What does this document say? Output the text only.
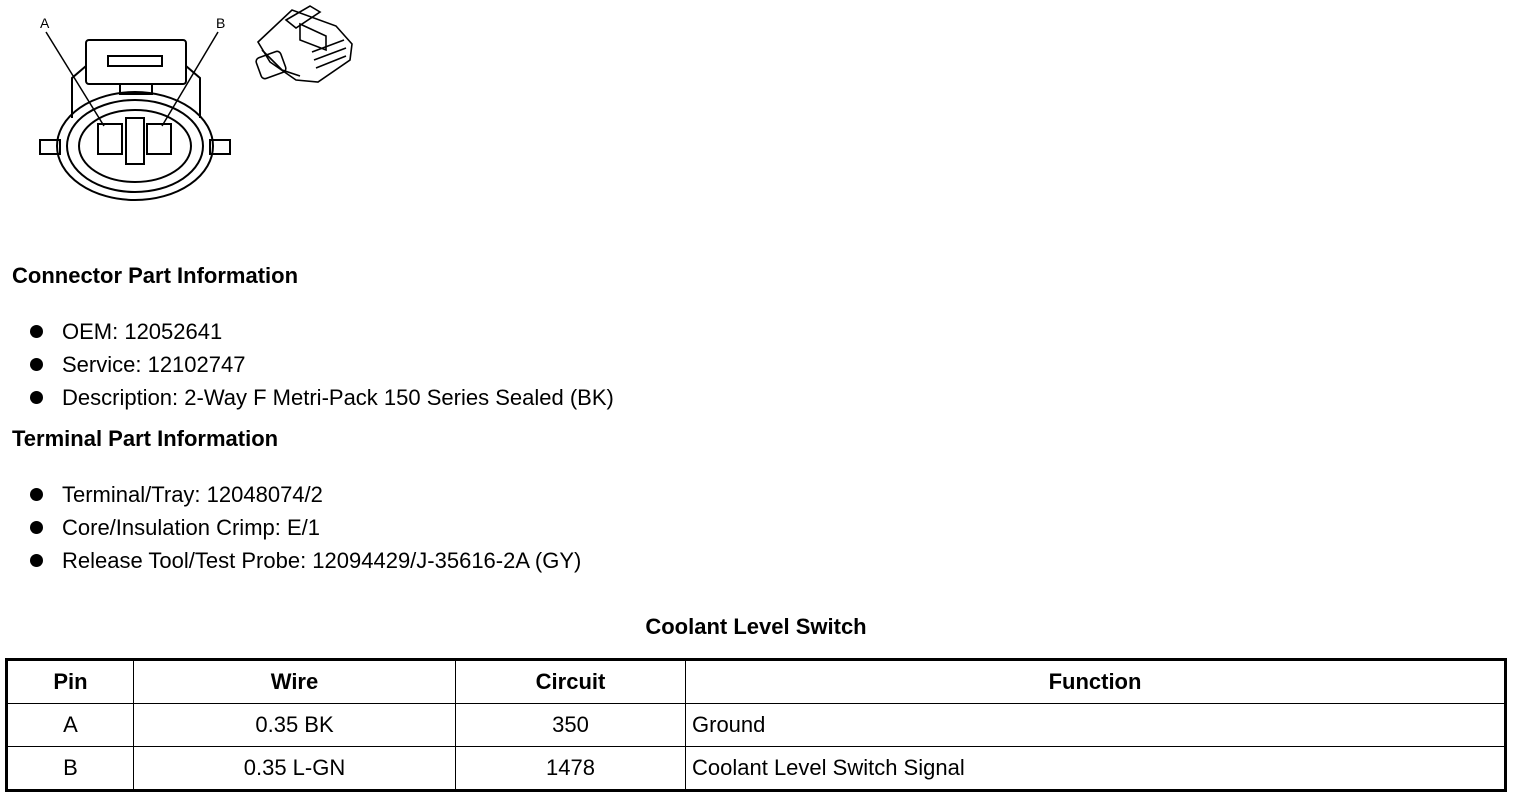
A	B
Connector Part Information
OEM: 12052641
Service: 12102747
Description: 2-Way F Metri-Pack 150 Series Sealed (BK)
Terminal Part Information
Terminal/Tray: 12048074/2
Core/Insulation Crimp: E/1
Release Tool/Test Probe: 12094429/J-35616-2A (GY)
Coolant Level Switch
Pin	Wire	Circuit	Function
A	0.35 BK	350	Ground
B	0.35 L-GN	1478	Coolant Level Switch Signal
